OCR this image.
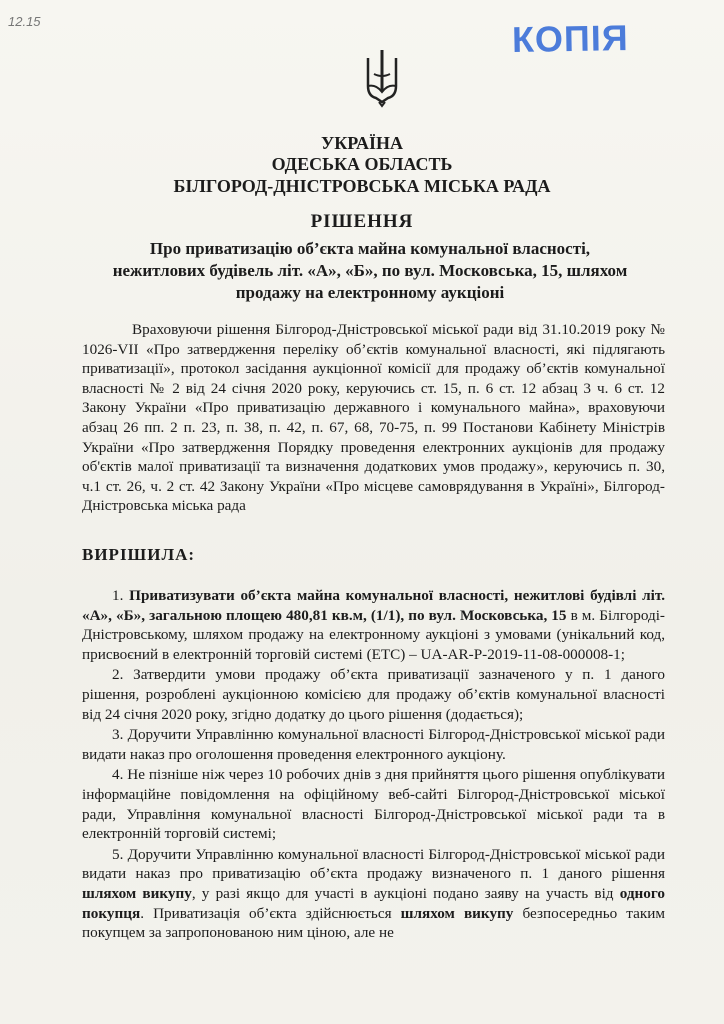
12.15	КОПІЯ
УКРАЇНА
ОДЕСЬКА ОБЛАСТЬ
БІЛГОРОД-ДНІСТРОВСЬКА МІСЬКА РАДА
РІШЕННЯ
Про приватизацію об’єкта майна комунальної власності,
нежитлових будівель літ. «А», «Б», по вул. Московська, 15, шляхом
продажу на електронному аукціоні
Враховуючи рішення Білгород-Дністровської міської ради від 31.10.2019 року № 1026-VII «Про затвердження переліку об’єктів комунальної власності, які підлягають приватизації», протокол засідання аукціонної комісії для продажу об’єктів комунальної власності № 2 від 24 січня 2020 року, керуючись ст. 15, п. 6 ст. 12 абзац 3 ч. 6 ст. 12 Закону України «Про приватизацію державного і комунального майна», враховуючи абзац 26 пп. 2 п. 23, п. 38, п. 42, п. 67, 68, 70-75, п. 99 Постанови Кабінету Міністрів України «Про затвердження Порядку проведення електронних аукціонів для продажу об'єктів малої приватизації та визначення додаткових умов продажу», керуючись п. 30, ч.1 ст. 26, ч. 2 ст. 42 Закону України «Про місцеве самоврядування в Україні», Білгород-Дністровська міська рада
ВИРІШИЛА:

1. Приватизувати об’єкта майна комунальної власності, нежитлові будівлі літ. «А», «Б», загальною площею 480,81 кв.м, (1/1), по вул. Московська, 15 в м. Білгороді-Дністровському, шляхом продажу на електронному аукціоні з умовами (унікальний код, присвоєний в електронній торговій системі (ЕТС) – UA-AR-P-2019-11-08-000008-1;

2. Затвердити умови продажу об’єкта приватизації зазначеного у п. 1 даного рішення, розроблені аукціонною комісією для продажу об’єктів комунальної власності від 24 січня 2020 року, згідно додатку до цього рішення (додається);

3. Доручити Управлінню комунальної власності Білгород-Дністровської міської ради видати наказ про оголошення проведення електронного аукціону.

4. Не пізніше ніж через 10 робочих днів з дня прийняття цього рішення опублікувати інформаційне повідомлення на офіційному веб-сайті Білгород-Дністровської міської ради, Управління комунальної власності Білгород-Дністровської міської ради та в електронній торговій системі;

5. Доручити Управлінню комунальної власності Білгород-Дністровської міської ради видати наказ про приватизацію об’єкта продажу визначеного п. 1 даного рішення шляхом викупу, у разі якщо для участі в аукціоні подано заяву на участь від одного покупця. Приватизація об’єкта здійснюється шляхом викупу безпосередньо таким покупцем за запропонованою ним ціною, але не
